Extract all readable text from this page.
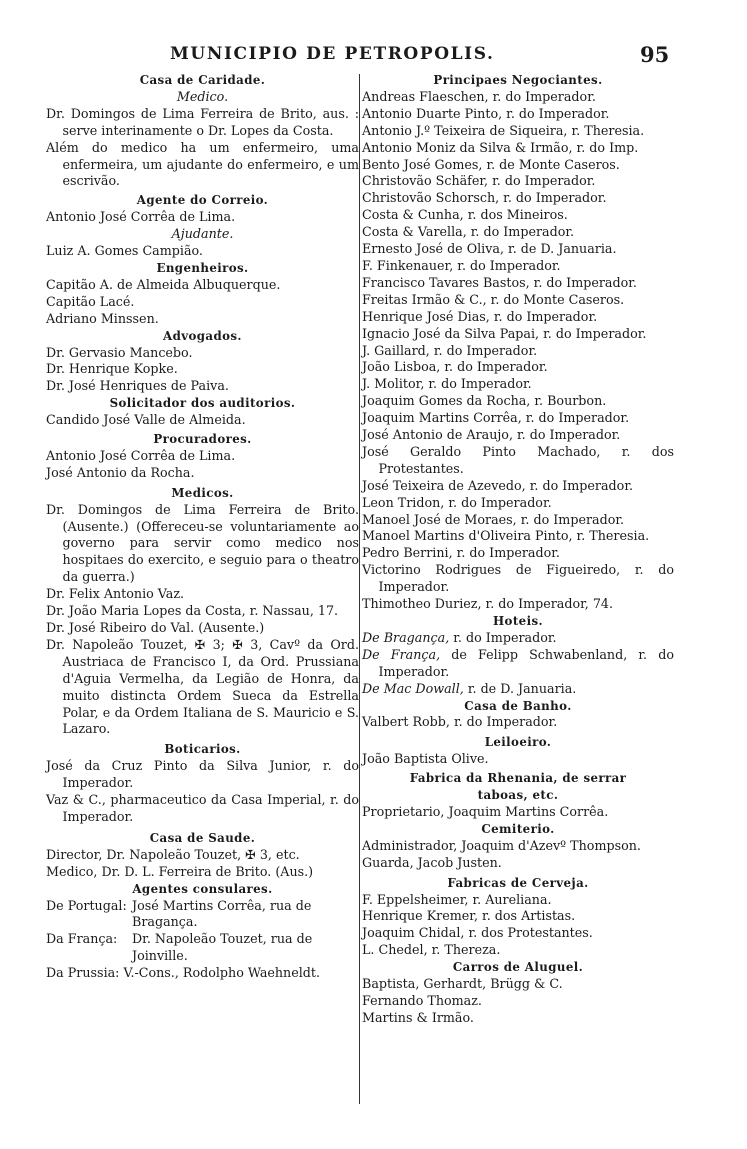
MUNICIPIO DE PETROPOLIS.	95
Casa de Caridade.
Medico.
Dr. Domingos de Lima Ferreira de Brito, aus. : serve interinamente o Dr. Lopes da Costa.
Além do medico ha um enfermeiro, uma enfermeira, um ajudante do enfermeiro, e um escrivão.
Agente do Correio.
Antonio José Corrêa de Lima.
Ajudante.
Luiz A. Gomes Campião.
Engenheiros.
Capitão A. de Almeida Albuquerque.
Capitão Lacé.
Adriano Minssen.
Advogados.
Dr. Gervasio Mancebo.
Dr. Henrique Kopke.
Dr. José Henriques de Paiva.
Solicitador dos auditorios.
Candido José Valle de Almeida.
Procuradores.
Antonio José Corrêa de Lima.
José Antonio da Rocha.
Medicos.
Dr. Domingos de Lima Ferreira de Brito. (Ausente.) (Offereceu-se voluntariamente ao governo para servir como medico nos hospitaes do exercito, e seguio para o theatro da guerra.)
Dr. Felix Antonio Vaz.
Dr. João Maria Lopes da Costa, r. Nassau, 17.
Dr. José Ribeiro do Val. (Ausente.)
Dr. Napoleão Touzet, ✠ 3; ✠ 3, Cavº da Ord. Austriaca de Francisco I, da Ord. Prussiana d'Aguia Vermelha, da Legião de Honra, da muito distincta Ordem Sueca da Estrella Polar, e da Ordem Italiana de S. Mauricio e S. Lazaro.
Boticarios.
José da Cruz Pinto da Silva Junior, r. do Imperador.
Vaz & C., pharmaceutico da Casa Imperial, r. do Imperador.
Casa de Saude.
Director, Dr. Napoleão Touzet, ✠ 3, etc.
Medico, Dr. D. L. Ferreira de Brito. (Aus.)
Agentes consulares.
De Portugal: José Martins Corrêa, rua de Bragança.
Da França:	Dr. Napoleão Touzet, rua de Joinville.
Da Prussia: V.-Cons., Rodolpho Waehneldt.
Principaes Negociantes.
Andreas Flaeschen, r. do Imperador.
Antonio Duarte Pinto, r. do Imperador.
Antonio J.º Teixeira de Siqueira, r. Theresia.
Antonio Moniz da Silva & Irmão, r. do Imp.
Bento José Gomes, r. de Monte Caseros.
Christovão Schäfer, r. do Imperador.
Christovão Schorsch, r. do Imperador.
Costa & Cunha, r. dos Mineiros.
Costa & Varella, r. do Imperador.
Ernesto José de Oliva, r. de D. Januaria.
F. Finkenauer, r. do Imperador.
Francisco Tavares Bastos, r. do Imperador.
Freitas Irmão & C., r. do Monte Caseros.
Henrique José Dias, r. do Imperador.
Ignacio José da Silva Papai, r. do Imperador.
J. Gaillard, r. do Imperador.
João Lisboa, r. do Imperador.
J. Molitor, r. do Imperador.
Joaquim Gomes da Rocha, r. Bourbon.
Joaquim Martins Corrêa, r. do Imperador.
José Antonio de Araujo, r. do Imperador.
José Geraldo Pinto Machado, r. dos Protestantes.
José Teixeira de Azevedo, r. do Imperador.
Leon Tridon, r. do Imperador.
Manoel José de Moraes, r. do Imperador.
Manoel Martins d'Oliveira Pinto, r. Theresia.
Pedro Berrini, r. do Imperador.
Victorino Rodrigues de Figueiredo, r. do Imperador.
Thimotheo Duriez, r. do Imperador, 74.
Hoteis.
De Bragança, r. do Imperador.
De França, de Felipp Schwabenland, r. do Imperador.
De Mac Dowall, r. de D. Januaria.
Casa de Banho.
Valbert Robb, r. do Imperador.
Leiloeiro.
João Baptista Olive.
Fabrica da Rhenania, de serrar taboas, etc.
Proprietario, Joaquim Martins Corrêa.
Cemiterio.
Administrador, Joaquim d'Azevº Thompson.
Guarda, Jacob Justen.
Fabricas de Cerveja.
F. Eppelsheimer, r. Aureliana.
Henrique Kremer, r. dos Artistas.
Joaquim Chidal, r. dos Protestantes.
L. Chedel, r. Thereza.
Carros de Aluguel.
Baptista, Gerhardt, Brügg & C.
Fernando Thomaz.
Martins & Irmão.
